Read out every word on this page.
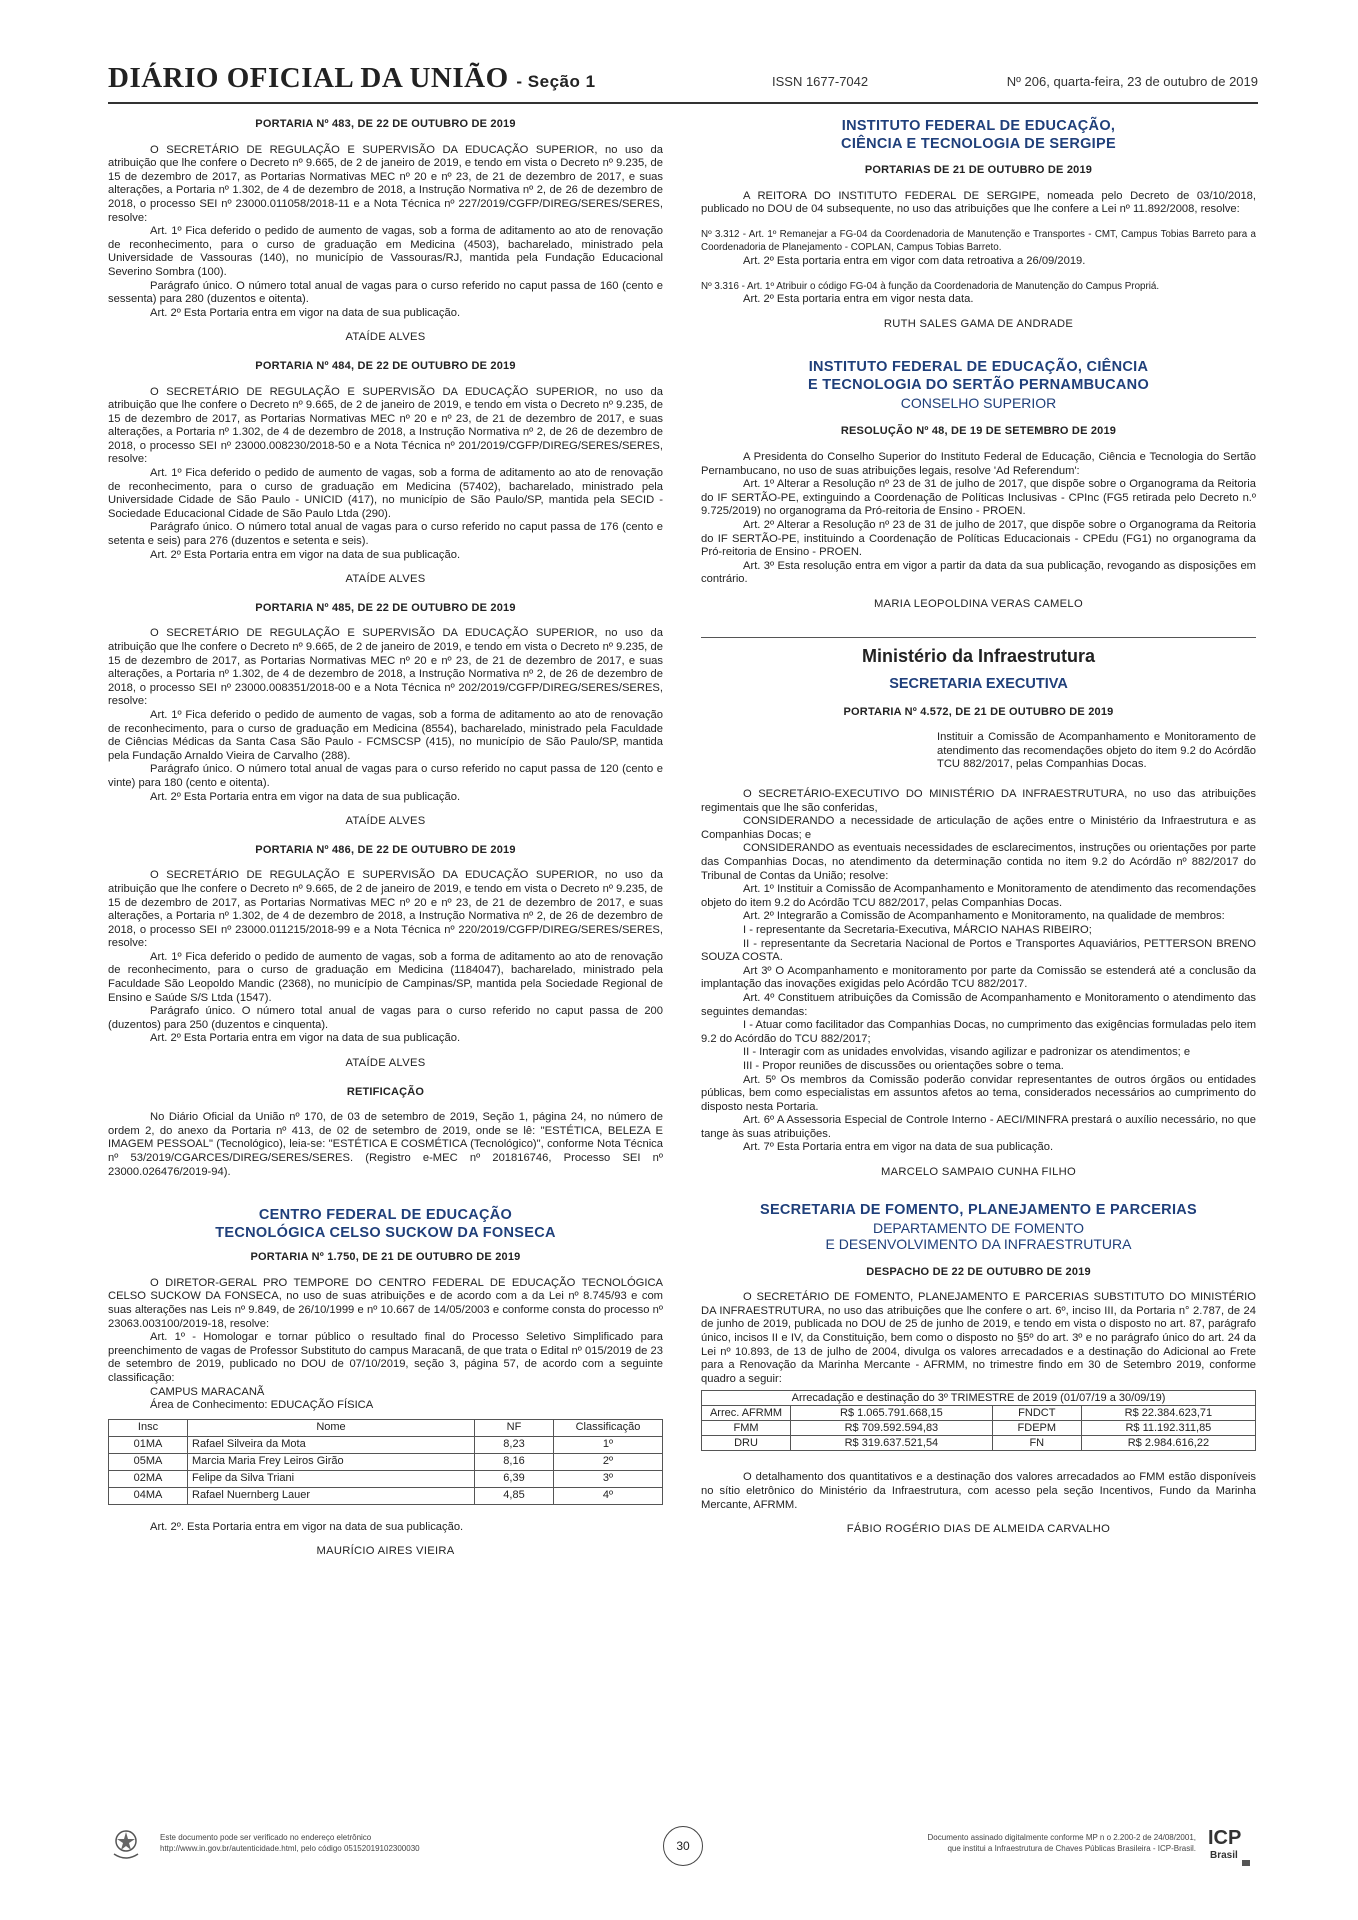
DIÁRIO OFICIAL DA UNIÃO - Seção 1	ISSN 1677-7042	Nº 206, quarta-feira, 23 de outubro de 2019
PORTARIA Nº 483, DE 22 DE OUTUBRO DE 2019

O SECRETÁRIO DE REGULAÇÃO E SUPERVISÃO DA EDUCAÇÃO SUPERIOR, no uso da atribuição que lhe confere o Decreto nº 9.665, de 2 de janeiro de 2019, e tendo em vista o Decreto nº 9.235, de 15 de dezembro de 2017, as Portarias Normativas MEC nº 20 e nº 23, de 21 de dezembro de 2017, e suas alterações, a Portaria nº 1.302, de 4 de dezembro de 2018, a Instrução Normativa nº 2, de 26 de dezembro de 2018, o processo SEI nº 23000.011058/2018-11 e a Nota Técnica nº 227/2019/CGFP/DIREG/SERES/SERES, resolve:

Art. 1º Fica deferido o pedido de aumento de vagas, sob a forma de aditamento ao ato de renovação de reconhecimento, para o curso de graduação em Medicina (4503), bacharelado, ministrado pela Universidade de Vassouras (140), no município de Vassouras/RJ, mantida pela Fundação Educacional Severino Sombra (100).

Parágrafo único. O número total anual de vagas para o curso referido no caput passa de 160 (cento e sessenta) para 280 (duzentos e oitenta).

Art. 2º Esta Portaria entra em vigor na data de sua publicação.

ATAÍDE ALVES
PORTARIA Nº 484, DE 22 DE OUTUBRO DE 2019

O SECRETÁRIO DE REGULAÇÃO E SUPERVISÃO DA EDUCAÇÃO SUPERIOR, no uso da atribuição que lhe confere o Decreto nº 9.665, de 2 de janeiro de 2019, e tendo em vista o Decreto nº 9.235, de 15 de dezembro de 2017, as Portarias Normativas MEC nº 20 e nº 23, de 21 de dezembro de 2017, e suas alterações, a Portaria nº 1.302, de 4 de dezembro de 2018, a Instrução Normativa nº 2, de 26 de dezembro de 2018, o processo SEI nº 23000.008230/2018-50 e a Nota Técnica nº 201/2019/CGFP/DIREG/SERES/SERES, resolve:

Art. 1º Fica deferido o pedido de aumento de vagas, sob a forma de aditamento ao ato de renovação de reconhecimento, para o curso de graduação em Medicina (57402), bacharelado, ministrado pela Universidade Cidade de São Paulo - UNICID (417), no município de São Paulo/SP, mantida pela SECID - Sociedade Educacional Cidade de São Paulo Ltda (290).

Parágrafo único. O número total anual de vagas para o curso referido no caput passa de 176 (cento e setenta e seis) para 276 (duzentos e setenta e seis).

Art. 2º Esta Portaria entra em vigor na data de sua publicação.

ATAÍDE ALVES
PORTARIA Nº 485, DE 22 DE OUTUBRO DE 2019

O SECRETÁRIO DE REGULAÇÃO E SUPERVISÃO DA EDUCAÇÃO SUPERIOR, no uso da atribuição que lhe confere o Decreto nº 9.665, de 2 de janeiro de 2019, e tendo em vista o Decreto nº 9.235, de 15 de dezembro de 2017, as Portarias Normativas MEC nº 20 e nº 23, de 21 de dezembro de 2017, e suas alterações, a Portaria nº 1.302, de 4 de dezembro de 2018, a Instrução Normativa nº 2, de 26 de dezembro de 2018, o processo SEI nº 23000.008351/2018-00 e a Nota Técnica nº 202/2019/CGFP/DIREG/SERES/SERES, resolve:

Art. 1º Fica deferido o pedido de aumento de vagas, sob a forma de aditamento ao ato de renovação de reconhecimento, para o curso de graduação em Medicina (8554), bacharelado, ministrado pela Faculdade de Ciências Médicas da Santa Casa São Paulo - FCMSCSP (415), no município de São Paulo/SP, mantida pela Fundação Arnaldo Vieira de Carvalho (288).

Parágrafo único. O número total anual de vagas para o curso referido no caput passa de 120 (cento e vinte) para 180 (cento e oitenta).

Art. 2º Esta Portaria entra em vigor na data de sua publicação.

ATAÍDE ALVES
PORTARIA Nº 486, DE 22 DE OUTUBRO DE 2019

O SECRETÁRIO DE REGULAÇÃO E SUPERVISÃO DA EDUCAÇÃO SUPERIOR, no uso da atribuição que lhe confere o Decreto nº 9.665, de 2 de janeiro de 2019, e tendo em vista o Decreto nº 9.235, de 15 de dezembro de 2017, as Portarias Normativas MEC nº 20 e nº 23, de 21 de dezembro de 2017, e suas alterações, a Portaria nº 1.302, de 4 de dezembro de 2018, a Instrução Normativa nº 2, de 26 de dezembro de 2018, o processo SEI nº 23000.011215/2018-99 e a Nota Técnica nº 220/2019/CGFP/DIREG/SERES/SERES, resolve:

Art. 1º Fica deferido o pedido de aumento de vagas, sob a forma de aditamento ao ato de renovação de reconhecimento, para o curso de graduação em Medicina (1184047), bacharelado, ministrado pela Faculdade São Leopoldo Mandic (2368), no município de Campinas/SP, mantida pela Sociedade Regional de Ensino e Saúde S/S Ltda (1547).

Parágrafo único. O número total anual de vagas para o curso referido no caput passa de 200 (duzentos) para 250 (duzentos e cinquenta).

Art. 2º Esta Portaria entra em vigor na data de sua publicação.

ATAÍDE ALVES
RETIFICAÇÃO

No Diário Oficial da União nº 170, de 03 de setembro de 2019, Seção 1, página 24, no número de ordem 2, do anexo da Portaria nº 413, de 02 de setembro de 2019, onde se lê: "ESTÉTICA, BELEZA E IMAGEM PESSOAL" (Tecnológico), leia-se: "ESTÉTICA E COSMÉTICA (Tecnológico)", conforme Nota Técnica nº 53/2019/CGARCES/DIREG/SERES/SERES. (Registro e-MEC nº 201816746, Processo SEI nº 23000.026476/2019-94).

CENTRO FEDERAL DE EDUCAÇÃO
TECNOLÓGICA CELSO SUCKOW DA FONSECA
PORTARIA Nº 1.750, DE 21 DE OUTUBRO DE 2019

O DIRETOR-GERAL PRO TEMPORE DO CENTRO FEDERAL DE EDUCAÇÃO TECNOLÓGICA CELSO SUCKOW DA FONSECA, no uso de suas atribuições e de acordo com a da Lei nº 8.745/93 e com suas alterações nas Leis nº 9.849, de 26/10/1999 e nº 10.667 de 14/05/2003 e conforme consta do processo nº 23063.003100/2019-18, resolve:

Art. 1º - Homologar e tornar público o resultado final do Processo Seletivo Simplificado para preenchimento de vagas de Professor Substituto do campus Maracanã, de que trata o Edital nº 015/2019 de 23 de setembro de 2019, publicado no DOU de 07/10/2019, seção 3, página 57, de acordo com a seguinte classificação:

CAMPUS MARACANÃ

Área de Conhecimento: EDUCAÇÃO FÍSICA

Insc	Nome	NF	Classificação
01MA	Rafael Silveira da Mota	8,23	1º
05MA	Marcia Maria Frey Leiros Girão	8,16	2º
02MA	Felipe da Silva Triani	6,39	3º
04MA	Rafael Nuernberg Lauer	4,85	4º

Art. 2º. Esta Portaria entra em vigor na data de sua publicação.

MAURÍCIO AIRES VIEIRA
INSTITUTO FEDERAL DE EDUCAÇÃO,
CIÊNCIA E TECNOLOGIA DE SERGIPE
PORTARIAS DE 21 DE OUTUBRO DE 2019

A REITORA DO INSTITUTO FEDERAL DE SERGIPE, nomeada pelo Decreto de 03/10/2018, publicado no DOU de 04 subsequente, no uso das atribuições que lhe confere a Lei nº 11.892/2008, resolve:

Nº 3.312 - Art. 1º Remanejar a FG-04 da Coordenadoria de Manutenção e Transportes - CMT, Campus Tobias Barreto para a Coordenadoria de Planejamento - COPLAN, Campus Tobias Barreto.

Art. 2º Esta portaria entra em vigor com data retroativa a 26/09/2019.

Nº 3.316 - Art. 1º Atribuir o código FG-04 à função da Coordenadoria de Manutenção do Campus Propriá.

Art. 2º Esta portaria entra em vigor nesta data.

RUTH SALES GAMA DE ANDRADE
INSTITUTO FEDERAL DE EDUCAÇÃO, CIÊNCIA
E TECNOLOGIA DO SERTÃO PERNAMBUCANO
CONSELHO SUPERIOR
RESOLUÇÃO Nº 48, DE 19 DE SETEMBRO DE 2019

A Presidenta do Conselho Superior do Instituto Federal de Educação, Ciência e Tecnologia do Sertão Pernambucano, no uso de suas atribuições legais, resolve 'Ad Referendum':

Art. 1º Alterar a Resolução nº 23 de 31 de julho de 2017, que dispõe sobre o Organograma da Reitoria do IF SERTÃO-PE, extinguindo a Coordenação de Políticas Inclusivas - CPInc (FG5 retirada pelo Decreto n.º 9.725/2019) no organograma da Pró-reitoria de Ensino - PROEN.

Art. 2º Alterar a Resolução nº 23 de 31 de julho de 2017, que dispõe sobre o Organograma da Reitoria do IF SERTÃO-PE, instituindo a Coordenação de Políticas Educacionais - CPEdu (FG1) no organograma da Pró-reitoria de Ensino - PROEN.

Art. 3º Esta resolução entra em vigor a partir da data da sua publicação, revogando as disposições em contrário.

MARIA LEOPOLDINA VERAS CAMELO
Ministério da Infraestrutura
SECRETARIA EXECUTIVA
PORTARIA Nº 4.572, DE 21 DE OUTUBRO DE 2019
Instituir a Comissão de Acompanhamento e Monitoramento de atendimento das recomendações objeto do item 9.2 do Acórdão TCU 882/2017, pelas Companhias Docas.

O SECRETÁRIO-EXECUTIVO DO MINISTÉRIO DA INFRAESTRUTURA, no uso das atribuições regimentais que lhe são conferidas,

CONSIDERANDO a necessidade de articulação de ações entre o Ministério da Infraestrutura e as Companhias Docas; e

CONSIDERANDO as eventuais necessidades de esclarecimentos, instruções ou orientações por parte das Companhias Docas, no atendimento da determinação contida no item 9.2 do Acórdão nº 882/2017 do Tribunal de Contas da União; resolve:

Art. 1º Instituir a Comissão de Acompanhamento e Monitoramento de atendimento das recomendações objeto do item 9.2 do Acórdão TCU 882/2017, pelas Companhias Docas.

Art. 2º Integrarão a Comissão de Acompanhamento e Monitoramento, na qualidade de membros:

I - representante da Secretaria-Executiva, MÁRCIO NAHAS RIBEIRO;

II - representante da Secretaria Nacional de Portos e Transportes Aquaviários, PETTERSON BRENO SOUZA COSTA.

Art 3º O Acompanhamento e monitoramento por parte da Comissão se estenderá até a conclusão da implantação das inovações exigidas pelo Acórdão TCU 882/2017.

Art. 4º Constituem atribuições da Comissão de Acompanhamento e Monitoramento o atendimento das seguintes demandas:

I - Atuar como facilitador das Companhias Docas, no cumprimento das exigências formuladas pelo item 9.2 do Acórdão do TCU 882/2017;

II - Interagir com as unidades envolvidas, visando agilizar e padronizar os atendimentos; e

III - Propor reuniões de discussões ou orientações sobre o tema.

Art. 5º Os membros da Comissão poderão convidar representantes de outros órgãos ou entidades públicas, bem como especialistas em assuntos afetos ao tema, considerados necessários ao cumprimento do disposto nesta Portaria.

Art. 6º A Assessoria Especial de Controle Interno - AECI/MINFRA prestará o auxílio necessário, no que tange às suas atribuições.

Art. 7º Esta Portaria entra em vigor na data de sua publicação.

MARCELO SAMPAIO CUNHA FILHO
SECRETARIA DE FOMENTO, PLANEJAMENTO E PARCERIAS
DEPARTAMENTO DE FOMENTO
E DESENVOLVIMENTO DA INFRAESTRUTURA
DESPACHO DE 22 DE OUTUBRO DE 2019

O SECRETÁRIO DE FOMENTO, PLANEJAMENTO E PARCERIAS SUBSTITUTO DO MINISTÉRIO DA INFRAESTRUTURA, no uso das atribuições que lhe confere o art. 6º, inciso III, da Portaria n° 2.787, de 24 de junho de 2019, publicada no DOU de 25 de junho de 2019, e tendo em vista o disposto no art. 87, parágrafo único, incisos II e IV, da Constituição, bem como o disposto no §5º do art. 3º e no parágrafo único do art. 24 da Lei nº 10.893, de 13 de julho de 2004, divulga os valores arrecadados e a destinação do Adicional ao Frete para a Renovação da Marinha Mercante - AFRMM, no trimestre findo em 30 de Setembro 2019, conforme quadro a seguir:

Arrecadação e destinação do 3º TRIMESTRE de 2019 (01/07/19 a 30/09/19)			
Arrec. AFRMM	R$ 1.065.791.668,15	FNDCT	R$ 22.384.623,71
FMM	R$ 709.592.594,83	FDEPM	R$ 11.192.311,85
DRU	R$ 319.637.521,54	FN	R$ 2.984.616,22

O detalhamento dos quantitativos e a destinação dos valores arrecadados ao FMM estão disponíveis no sítio eletrônico do Ministério da Infraestrutura, com acesso pela seção Incentivos, Fundo da Marinha Mercante, AFRMM.

FÁBIO ROGÉRIO DIAS DE ALMEIDA CARVALHO
Este documento pode ser verificado no endereço eletrônico
http://www.in.gov.br/autenticidade.html, pelo código 05152019102300030	30
Documento assinado digitalmente conforme MP n o 2.200-2 de 24/08/2001,
que institui a Infraestrutura de Chaves Públicas Brasileira - ICP-Brasil. ICP
Brasil
